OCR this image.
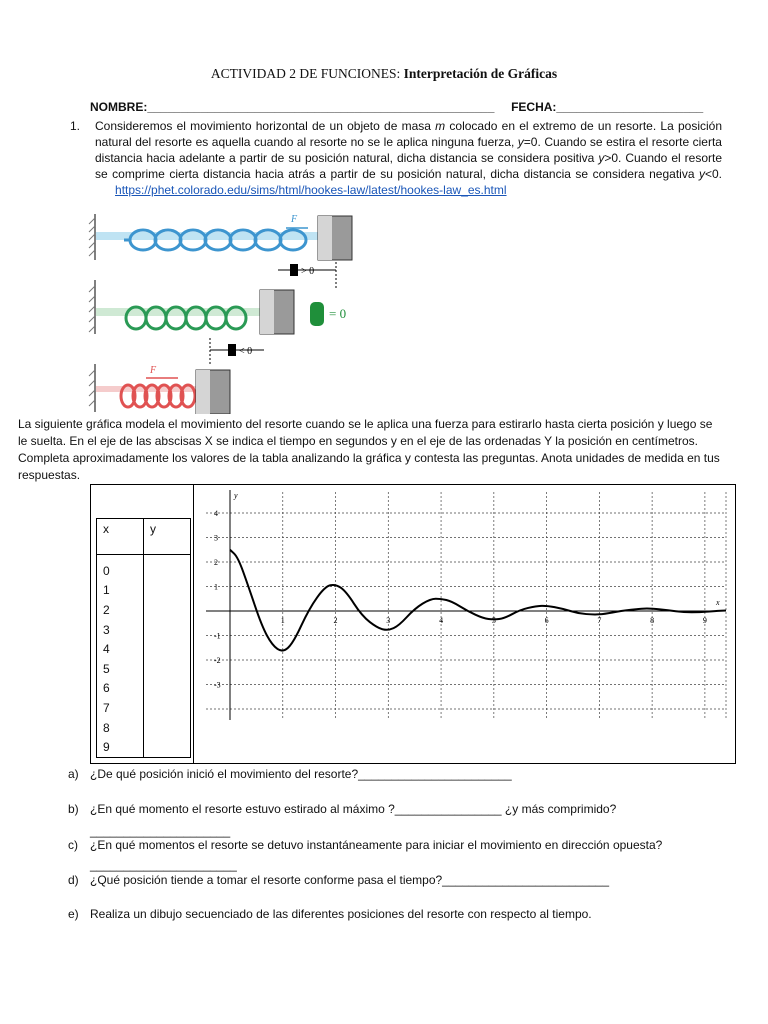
ACTIVIDAD 2 DE FUNCIONES: Interpretación de Gráficas
NOMBRE:____________________________________________________ FECHA:______________________
1. Consideremos el movimiento horizontal de un objeto de masa m colocado en el extremo de un resorte. La posición natural del resorte es aquella cuando al resorte no se le aplica ninguna fuerza, y=0. Cuando se estira el resorte cierta distancia hacia adelante a partir de su posición natural, dicha distancia se considera positiva y>0. Cuando el resorte se comprime cierta distancia hacia atrás a partir de su posición natural, dicha distancia se considera negativa y<0.       https://phet.colorado.edu/sims/html/hookes-law/latest/hookes-law_es.html
F
> 0
= 0
< 0
F
La siguiente gráfica modela el movimiento del resorte cuando se le aplica una fuerza para estirarlo hasta cierta posición y luego se le suelta. En el eje de las abscisas X se indica el tiempo en segundos y en el eje de las ordenadas Y la posición en centímetros. Completa aproximadamente los valores de la tabla analizando la gráfica y contesta las preguntas. Anota unidades de medida en tus respuestas.
x	y
0	
1	
2	
3	
4	
5	
6	
7	
8	
9	
y
x
1	2	3	4	5	6	7	8	9
4
3
2
1
-1
-2
-3
a) ¿De qué posición inició el movimiento del resorte?_______________________
b) ¿En qué momento el resorte estuvo estirado al máximo ?________________ ¿y más comprimido?
_____________________
c) ¿En qué momentos el resorte se detuvo instantáneamente para iniciar el movimiento en dirección opuesta?
______________________
d) ¿Qué posición tiende a tomar el resorte conforme pasa el tiempo?_________________________
e) Realiza un dibujo secuenciado de las diferentes posiciones del resorte con respecto al tiempo.
